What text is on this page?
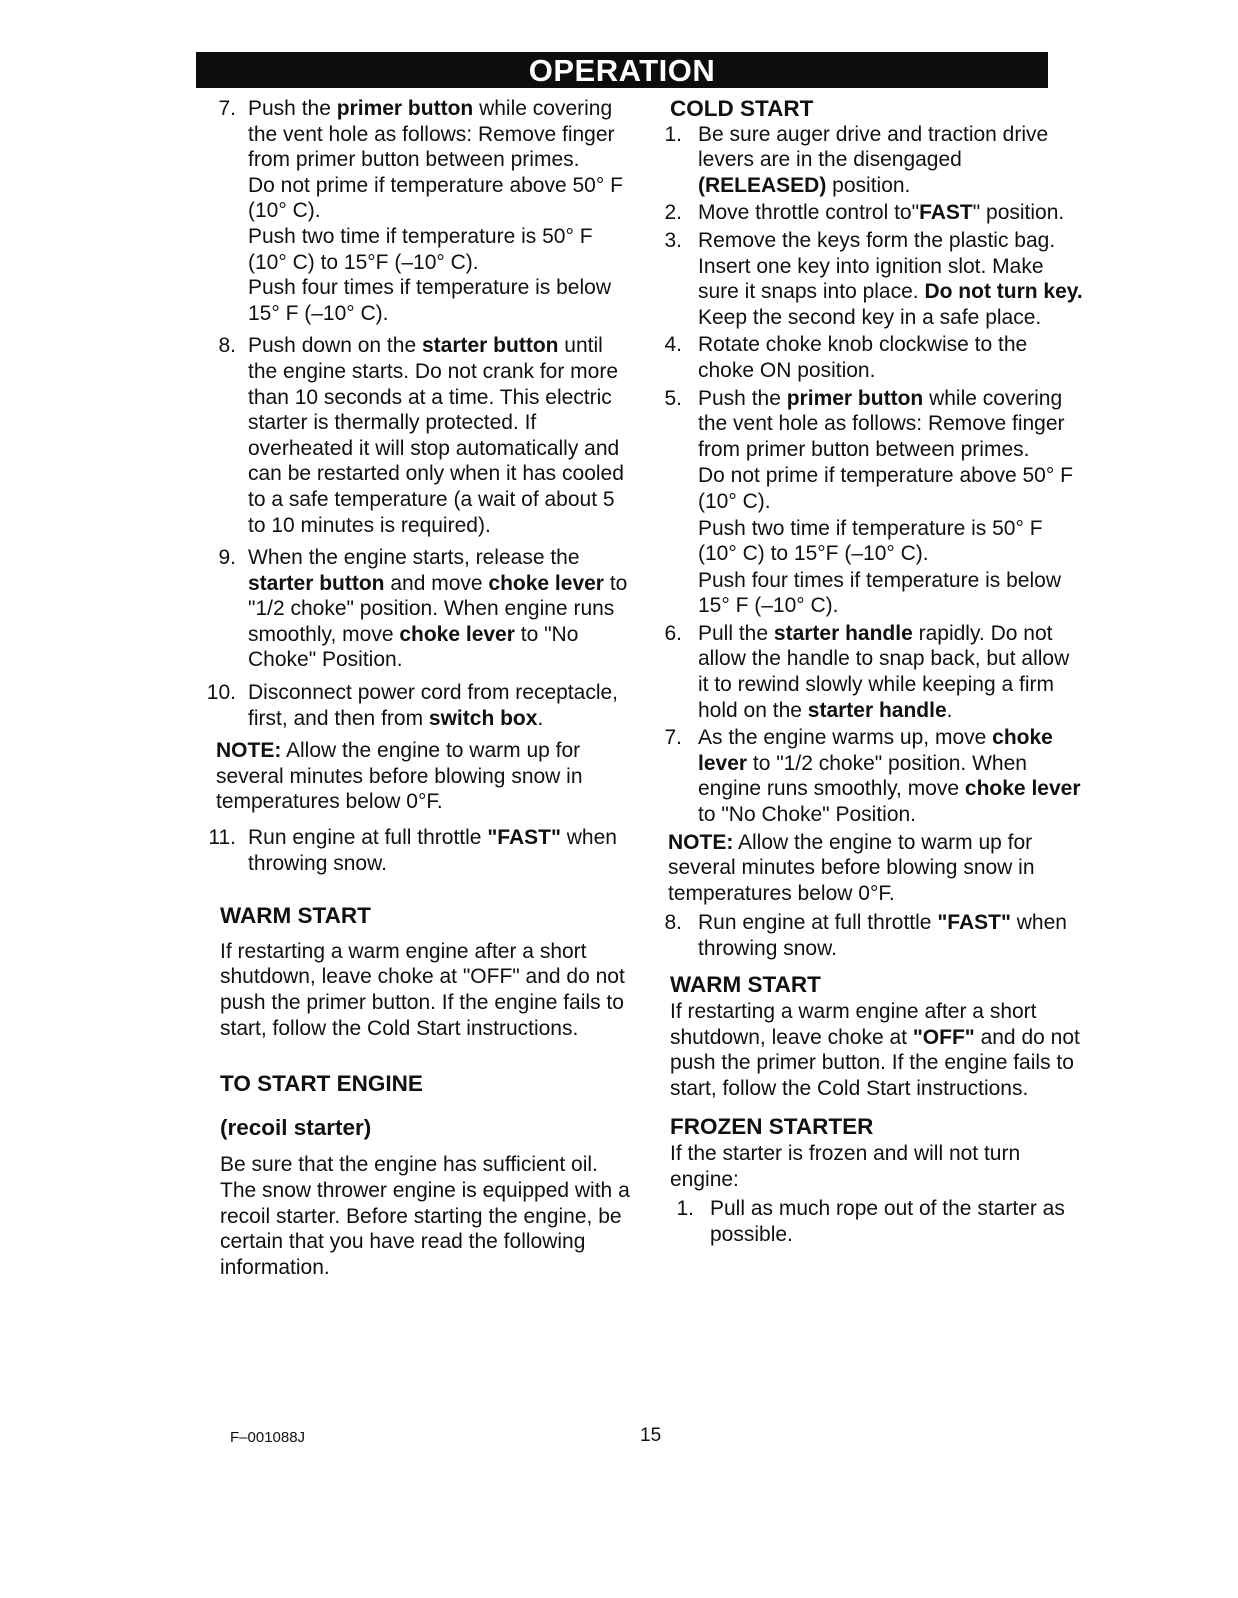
OPERATION
7. Push the primer button while covering the vent hole as follows: Remove finger from primer button between primes.

Do not prime if temperature above 50° F (10° C).

Push two time if temperature is 50° F (10° C) to 15°F (–10° C).

Push four times if temperature is below 15° F (–10° C).

8. Push down on the starter button until the engine starts. Do not crank for more than 10 seconds at a time. This electric starter is thermally protected. If overheated it will stop automatically and can be restarted only when it has cooled to a safe temperature (a wait of about 5 to 10 minutes is required).

9. When the engine starts, release the starter button and move choke lever to "1/2 choke" position. When engine runs smoothly, move choke lever to "No Choke" Position.

10. Disconnect power cord from receptacle, first, and then from switch box.

NOTE: Allow the engine to warm up for several minutes before blowing snow in temperatures below 0°F.

11. Run engine at full throttle "FAST" when throwing snow.

WARM START

If restarting a warm engine after a short shutdown, leave choke at "OFF" and do not push the primer button. If the engine fails to start, follow the Cold Start instructions.

TO START ENGINE

(recoil starter)

Be sure that the engine has sufficient oil. The snow thrower engine is equipped with a recoil starter. Before starting the engine, be certain that you have read the following information.

COLD START

1. Be sure auger drive and traction drive levers are in the disengaged (RELEASED) position.

2. Move throttle control to"FAST" position.

3. Remove the keys form the plastic bag. Insert one key into ignition slot. Make sure it snaps into place. Do not turn key. Keep the second key in a safe place.

4. Rotate choke knob clockwise to the choke ON position.

5. Push the primer button while covering the vent hole as follows: Remove finger from primer button between primes.

Do not prime if temperature above 50° F (10° C).

Push two time if temperature is 50° F (10° C) to 15°F (–10° C).

Push four times if temperature is below 15° F (–10° C).

6. Pull the starter handle rapidly. Do not allow the handle to snap back, but allow it to rewind slowly while keeping a firm hold on the starter handle.

7. As the engine warms up, move choke lever to "1/2 choke" position. When engine runs smoothly, move choke lever to "No Choke" Position.

NOTE: Allow the engine to warm up for several minutes before blowing snow in temperatures below 0°F.

8. Run engine at full throttle "FAST" when throwing snow.

WARM START

If restarting a warm engine after a short shutdown, leave choke at "OFF" and do not push the primer button. If the engine fails to start, follow the Cold Start instructions.

FROZEN STARTER

If the starter is frozen and will not turn engine:

1. Pull as much rope out of the starter as possible.

F–001088J	15
